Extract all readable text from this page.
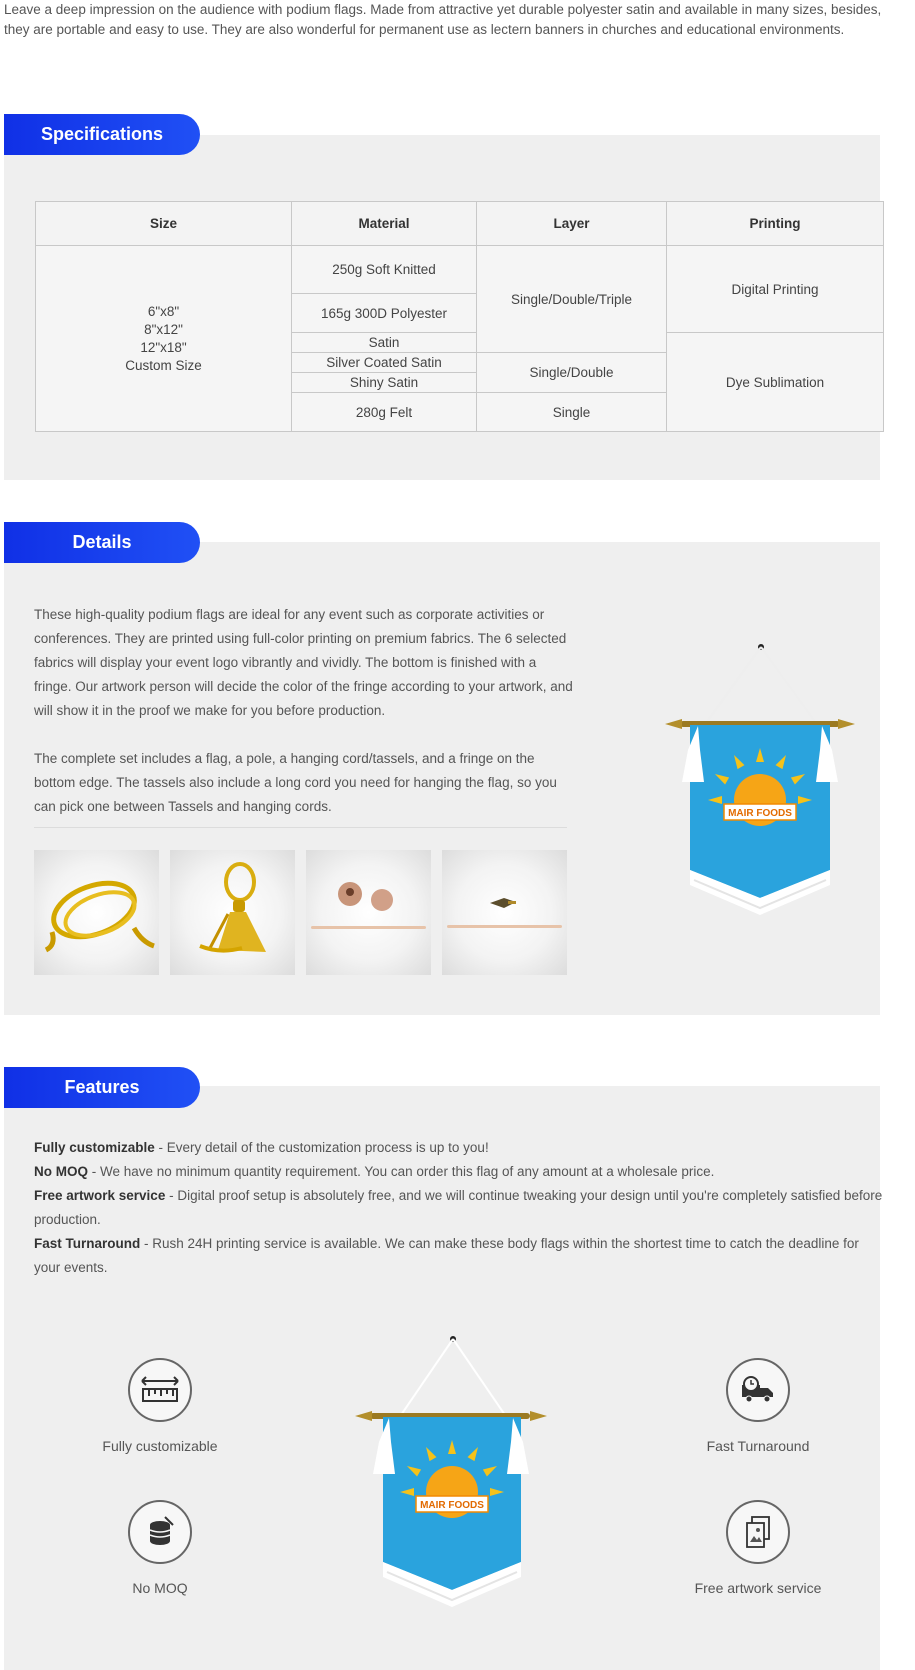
Leave a deep impression on the audience with podium flags. Made from attractive yet durable polyester satin and available in many sizes, besides, they are portable and easy to use. They are also wonderful for permanent use as lectern banners in churches and educational environments.

Specifications
Size	Material	Layer	Printing

6"x8"
8"x12"
12"x18"
Custom Size	250g Soft Knitted	Single/Double/Triple	Digital Printing
	165g 300D Polyester		
	Satin		Dye Sublimation
	Silver Coated Satin	Single/Double	
	Shiny Satin		
	280g Felt	Single	
Details

These high-quality podium flags are ideal for any event such as corporate activities or conferences. They are printed using full-color printing on premium fabrics. The 6 selected fabrics will display your event logo vibrantly and vividly. The bottom is finished with a fringe. Our artwork person will decide the color of the fringe according to your artwork, and will show it in the proof we make for you before production.

The complete set includes a flag, a pole, a hanging cord/tassels, and a fringe on the bottom edge. The tassels also include a long cord you need for hanging the flag, so you can pick one between Tassels and hanging cords.	MAIR FOODS
Features
Fully customizable - Every detail of the customization process is up to you!
No MOQ - We have no minimum quantity requirement. You can order this flag of any amount at a wholesale price.
Free artwork service - Digital proof setup is absolutely free, and we will continue tweaking your design until you're completely satisfied before production.
Fast Turnaround - Rush 24H printing service is available. We can make these body flags within the shortest time to catch the deadline for your events.
Fully customizable
No MOQ
Fast Turnaround
Free artwork service
MAIR FOODS
